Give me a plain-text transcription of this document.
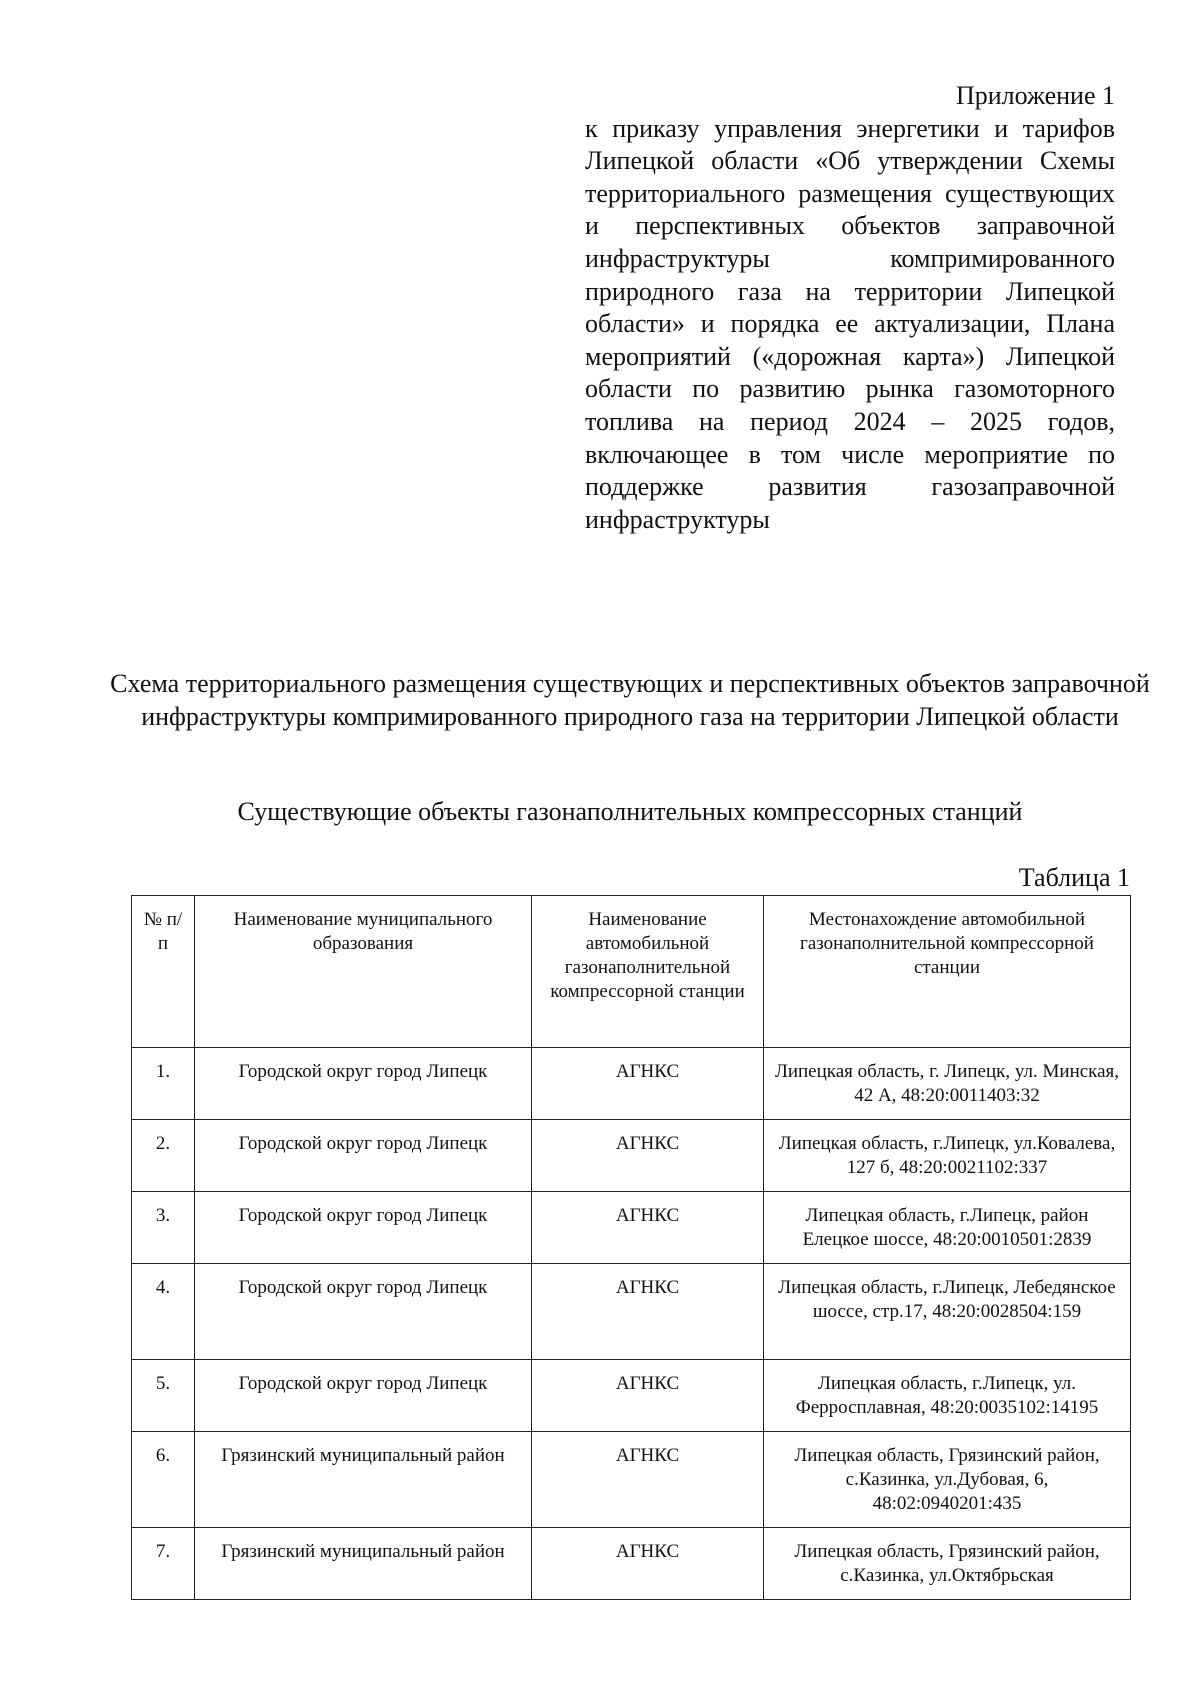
Приложение 1
к приказу управления энергетики и тарифов Липецкой области «Об утверждении Схемы территориального размещения существующих и перспективных объектов заправочной инфраструктуры компримированного природного газа на территории Липецкой области» и порядка ее актуализации, Плана мероприятий («дорожная карта») Липецкой области по развитию рынка газомоторного топлива на период 2024 – 2025 годов, включающее в том числе мероприятие по поддержке развития газозаправочной инфраструктуры
Схема территориального размещения существующих и перспективных объектов заправочной инфраструктуры компримированного природного газа на территории Липецкой области
Существующие объекты газонаполнительных компрессорных станций
Таблица 1
№ п/п	Наименование муниципального образования	Наименование автомобильной газонаполнительной компрессорной станции	Местонахождение автомобильной газонаполнительной компрессорной станции
1.	Городской округ город Липецк	АГНКС	Липецкая область, г. Липецк, ул. Минская, 42 А, 48:20:0011403:32
2.	Городской округ город Липецк	АГНКС	Липецкая область, г.Липецк, ул.Ковалева, 127 б, 48:20:0021102:337
3.	Городской округ город Липецк	АГНКС	Липецкая область, г.Липецк, район Елецкое шоссе, 48:20:0010501:2839
4.	Городской округ город Липецк	АГНКС	Липецкая область, г.Липецк, Лебедянское шоссе, стр.17, 48:20:0028504:159
5.	Городской округ город Липецк	АГНКС	Липецкая область, г.Липецк, ул. Ферросплавная, 48:20:0035102:14195
6.	Грязинский муниципальный район	АГНКС	Липецкая область, Грязинский район, с.Казинка, ул.Дубовая, 6, 48:02:0940201:435
7.	Грязинский муниципальный район	АГНКС	Липецкая область, Грязинский район, с.Казинка, ул.Октябрьская
